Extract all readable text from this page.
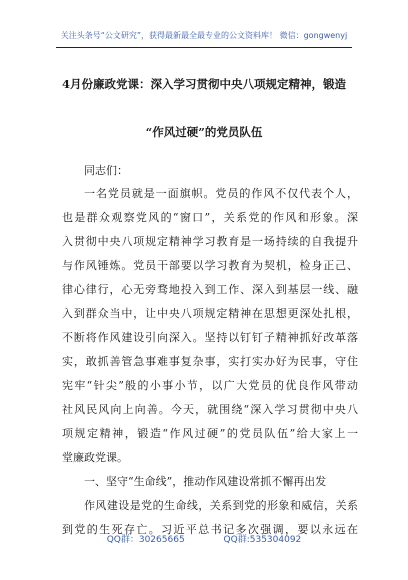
关注头条号“公文研究”，获得最新最全最专业的公文资料库！ 微信：gongwenyj
4月份廉政党课：深入学习贯彻中央八项规定精神，锻造
“作风过硬”的党员队伍
同志们：
一名党员就是一面旗帜。党员的作风不仅代表个人，
也是群众观察党风的“窗口”，关系党的作风和形象。深
入贯彻中央八项规定精神学习教育是一场持续的自我提升
与作风锤炼。党员干部要以学习教育为契机，检身正己、
律心律行，心无旁骛地投入到工作、深入到基层一线、融
入到群众当中，让中央八项规定精神在思想更深处扎根，
不断将作风建设引向深入。坚持以钉钉子精神抓好改革落
实，敢抓善管急事难事复杂事，实打实办好为民事，守住
宪牢“针尖”般的小事小节，以广大党员的优良作风带动
社风民风向上向善。今天，就围绕“深入学习贯彻中央八
项规定精神，锻造“作风过硬”的党员队伍”给大家上一
堂廉政党课。
一、坚守“生命线”，推动作风建设常抓不懈再出发
作风建设是党的生命线，关系到党的形象和威信，关系
到党的生死存亡。习近平总书记多次强调，要以永远在
QQ群：30265665	QQ群:535304092
